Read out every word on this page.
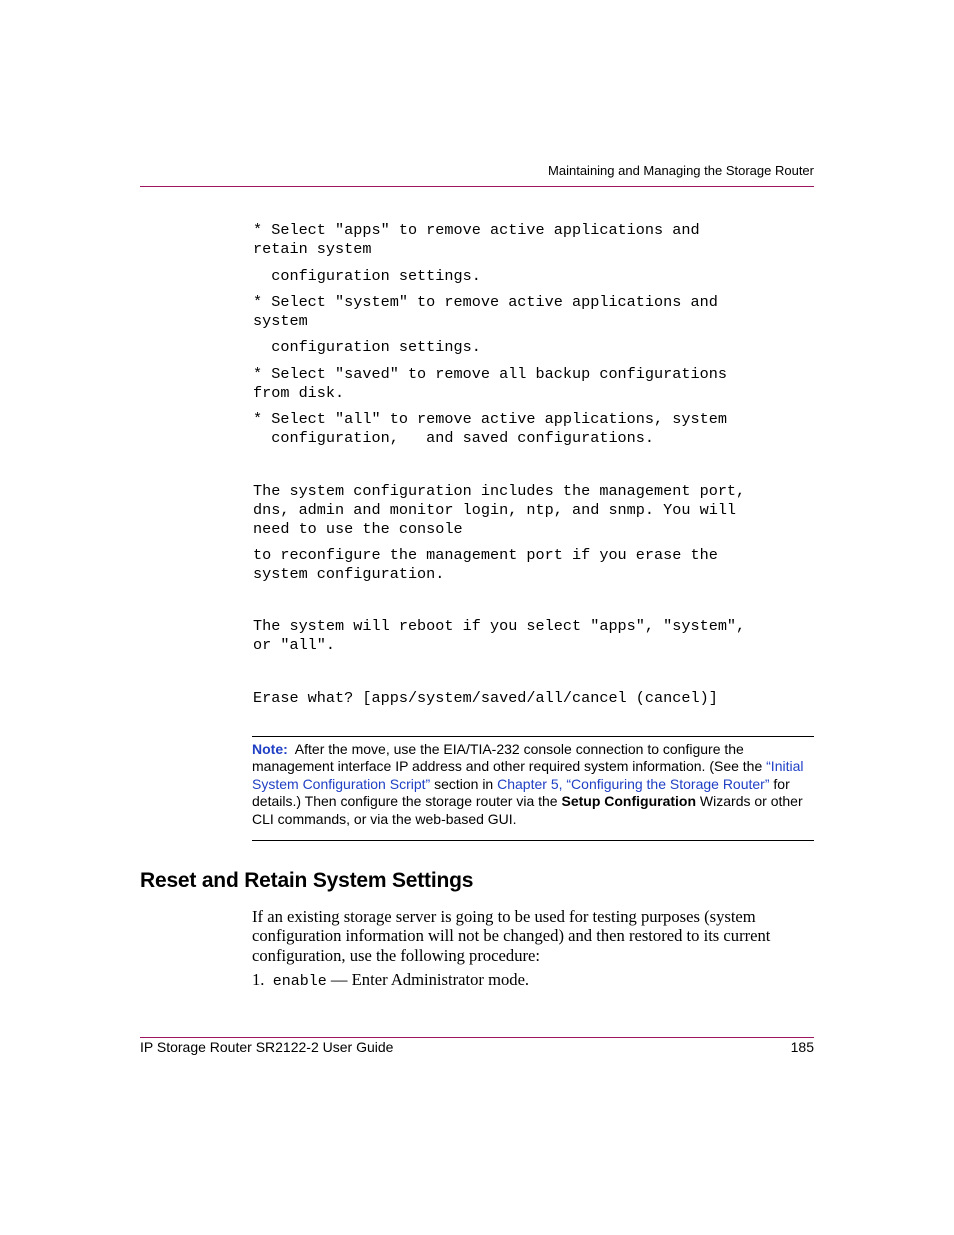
Maintaining and Managing the Storage Router
* Select "apps" to remove active applications and
retain system
configuration settings.
* Select "system" to remove active applications and
system
configuration settings.
* Select "saved" to remove all backup configurations
from disk.
* Select "all" to remove active applications, system
configuration,   and saved configurations.
The system configuration includes the management port,
dns, admin and monitor login, ntp, and snmp. You will
need to use the console
to reconfigure the management port if you erase the
system configuration.
The system will reboot if you select "apps", "system",
or "all".
Erase what? [apps/system/saved/all/cancel (cancel)]
Note: After the move, use the EIA/TIA-232 console connection to configure the management interface IP address and other required system information. (See the “Initial System Configuration Script” section in Chapter 5, “Configuring the Storage Router” for details.) Then configure the storage router via the Setup Configuration Wizards or other CLI commands, or via the web-based GUI.
Reset and Retain System Settings
If an existing storage server is going to be used for testing purposes (system configuration information will not be changed) and then restored to its current configuration, use the following procedure:
1. enable — Enter Administrator mode.
IP Storage Router SR2122-2 User Guide	185
